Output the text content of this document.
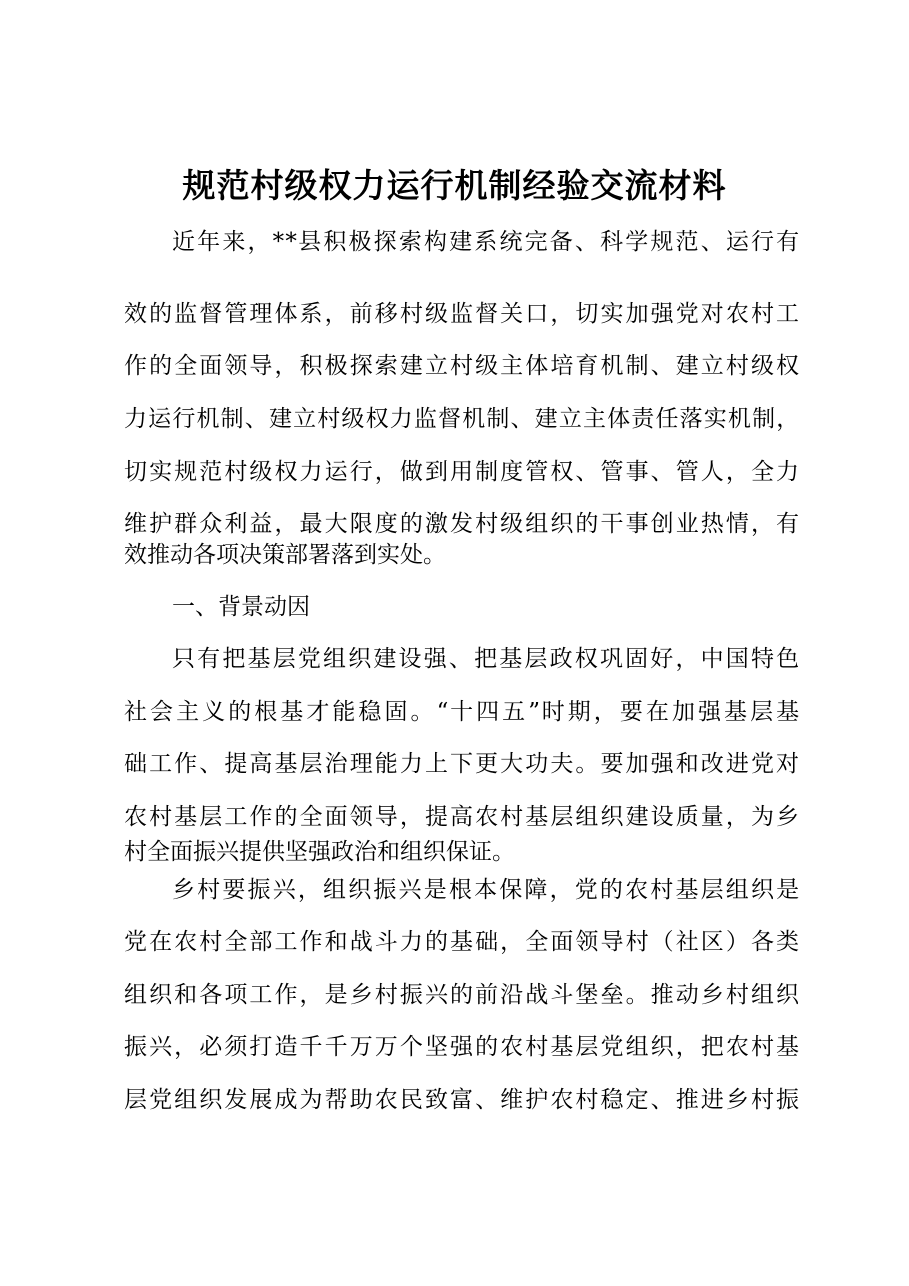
规范村级权力运行机制经验交流材料
近 年 来 ， * * 县 积 极 探 索 构 建 系 统 完 备 、 科 学 规 范 、 运 行 有
效 的 监 督 管 理 体 系 ， 前 移 村 级 监 督 关 口 ， 切 实 加 强 党 对 农 村 工
作 的 全 面 领 导 ， 积 极 探 索 建 立 村 级 主 体 培 育 机 制 、 建 立 村 级 权
力 运 行 机 制 、 建 立 村 级 权 力 监 督 机 制 、 建 立 主 体 责 任 落 实 机 制 ，
切 实 规 范 村 级 权 力 运 行 ， 做 到 用 制 度 管 权 、 管 事 、 管 人 ， 全 力
维 护 群 众 利 益 ， 最 大 限 度 的 激 发 村 级 组 织 的 干 事 创 业 热 情 ， 有
效推动各项决策部署落到实处。
一、背景动因
只 有 把 基 层 党 组 织 建 设 强 、 把 基 层 政 权 巩 固 好 ， 中 国 特 色
社 会 主 义 的 根 基 才 能 稳 固 。 “ 十 四 五 ” 时 期 ， 要 在 加 强 基 层 基
础 工 作 、 提 高 基 层 治 理 能 力 上 下 更 大 功 夫 。 要 加 强 和 改 进 党 对
农 村 基 层 工 作 的 全 面 领 导 ， 提 高 农 村 基 层 组 织 建 设 质 量 ， 为 乡
村全面振兴提供坚强政治和组织保证。
乡 村 要 振 兴 ， 组 织 振 兴 是 根 本 保 障 ， 党 的 农 村 基 层 组 织 是
党 在 农 村 全 部 工 作 和 战 斗 力 的 基 础 ， 全 面 领 导 村 （ 社 区 ） 各 类
组 织 和 各 项 工 作 ， 是 乡 村 振 兴 的 前 沿 战 斗 堡 垒 。 推 动 乡 村 组 织
振 兴 ， 必 须 打 造 千 千 万 万 个 坚 强 的 农 村 基 层 党 组 织 ， 把 农 村 基
层 党 组 织 发 展 成 为 帮 助 农 民 致 富 、 维 护 农 村 稳 定 、 推 进 乡 村 振
